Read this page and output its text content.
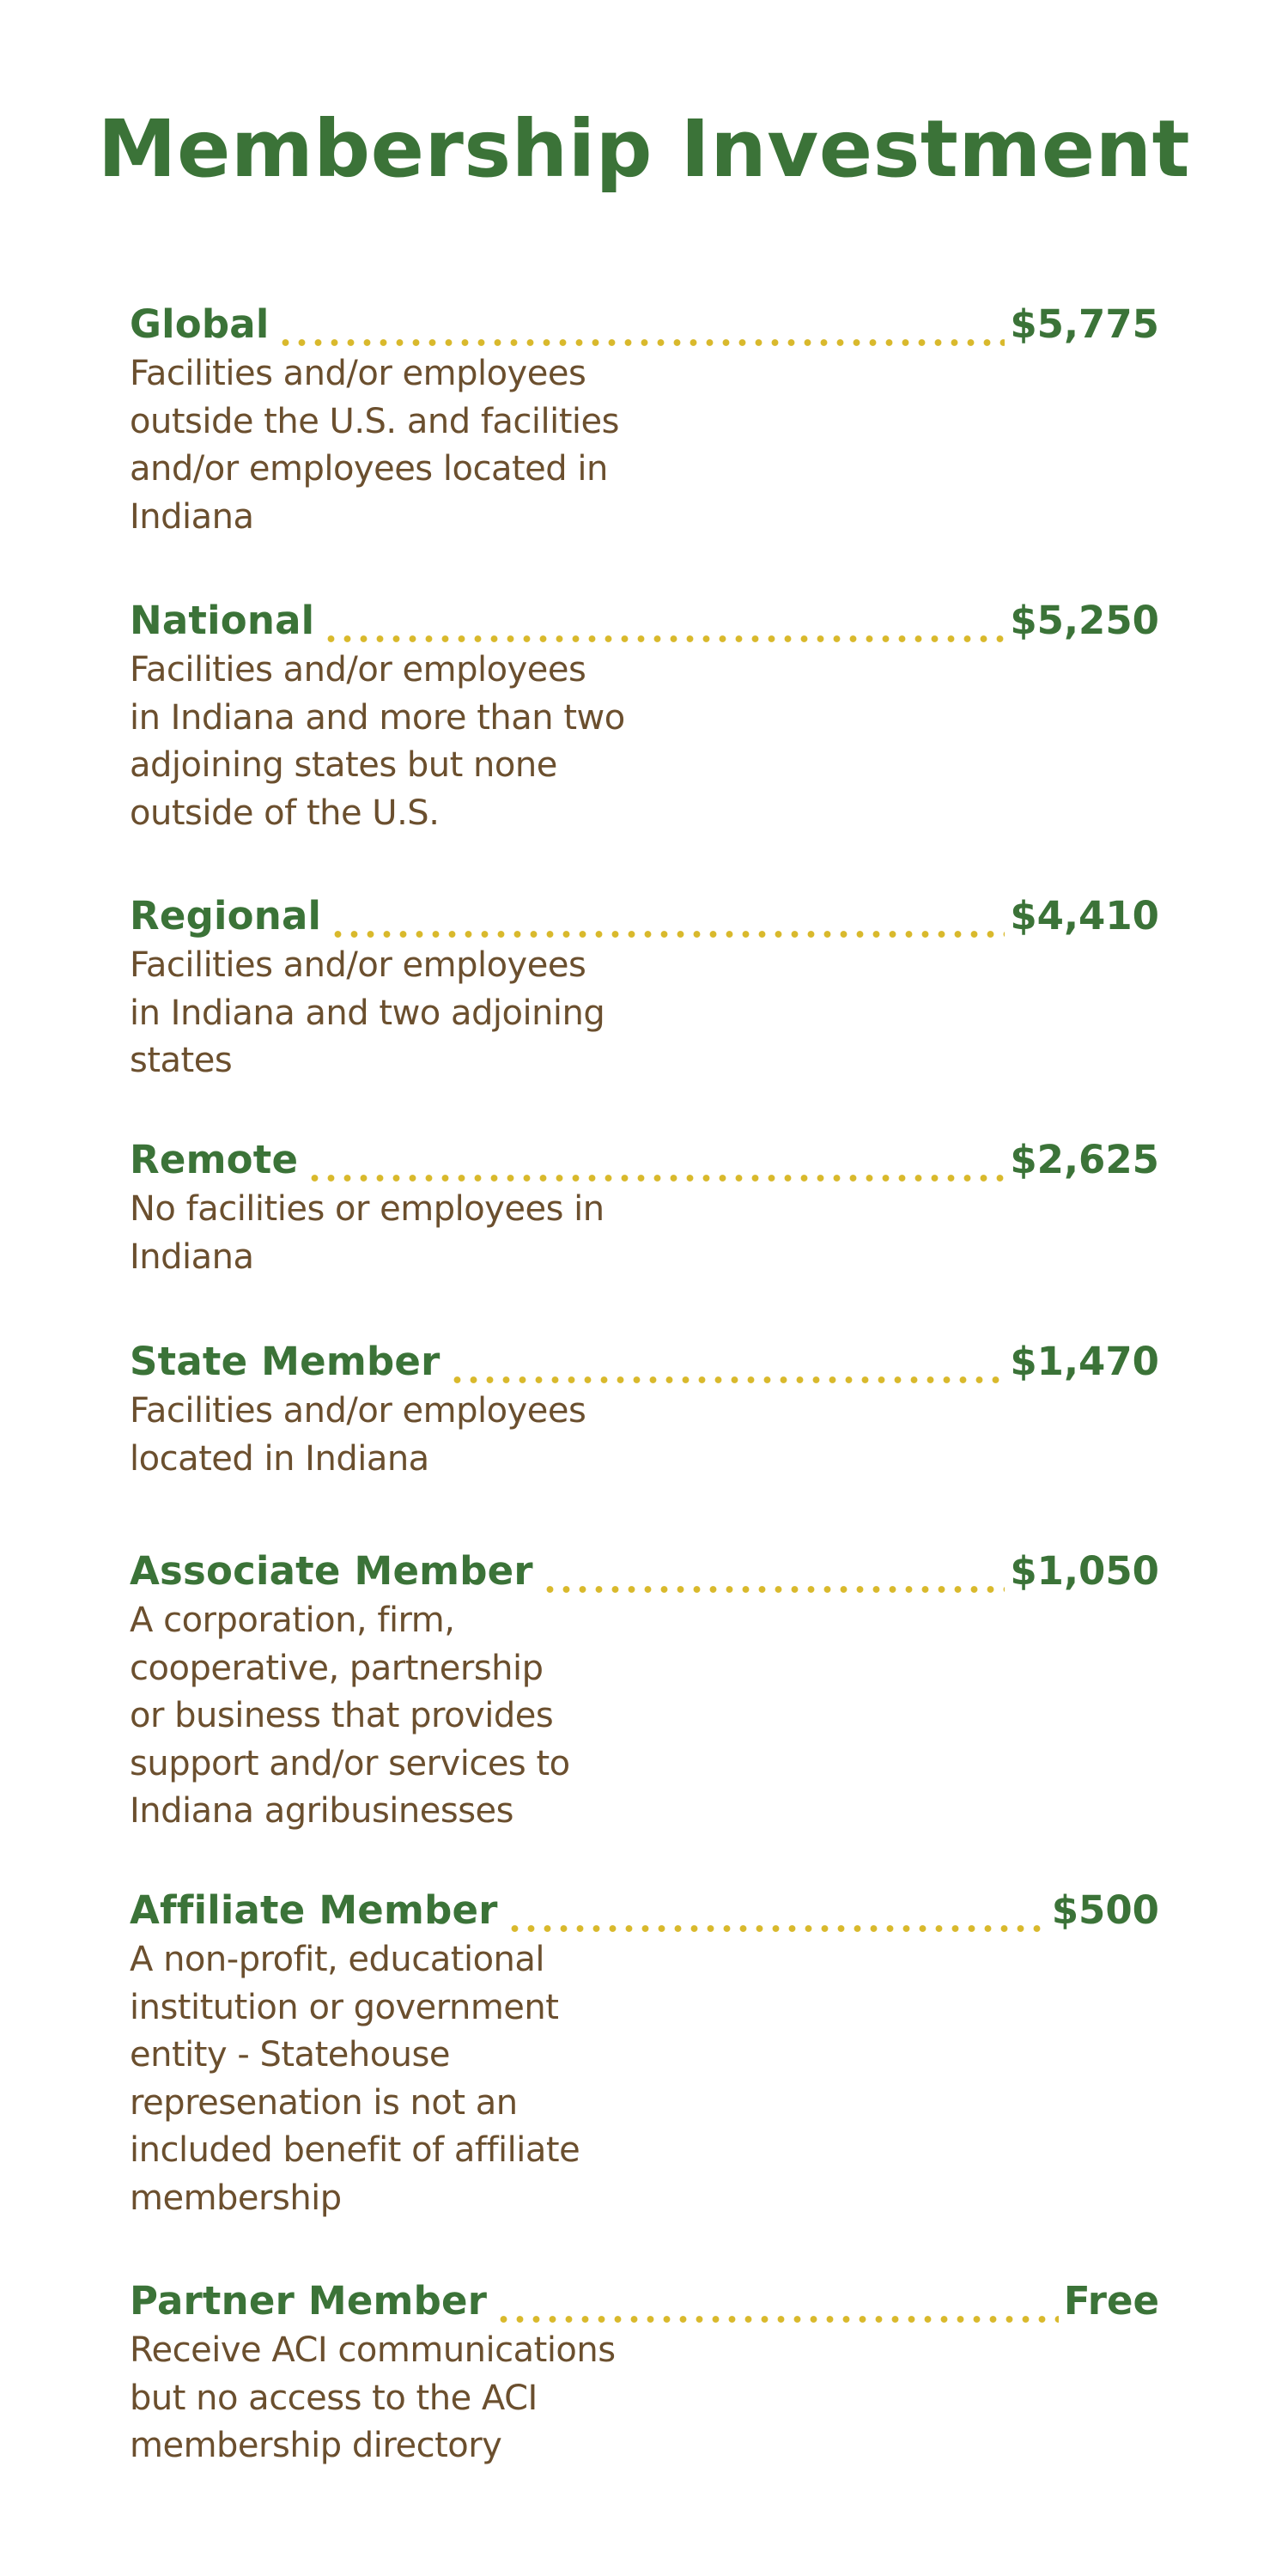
Membership Investment
Global	$5,775

Facilities and/or employees
outside the U.S. and facilities
and/or employees located in
Indiana

National	$5,250

Facilities and/or employees
in Indiana and more than two
adjoining states but none
outside of the U.S.

Regional	$4,410

Facilities and/or employees
in Indiana and two adjoining
states

Remote	$2,625

No facilities or employees in
Indiana

State Member	$1,470

Facilities and/or employees
located in Indiana

Associate Member	$1,050

A corporation, firm,
cooperative, partnership
or business that provides
support and/or services to
Indiana agribusinesses

Affiliate Member	$500

A non-profit, educational
institution or government
entity - Statehouse
represenation is not an
included benefit of affiliate
membership

Partner Member	Free

Receive ACI communications
but no access to the ACI
membership directory
